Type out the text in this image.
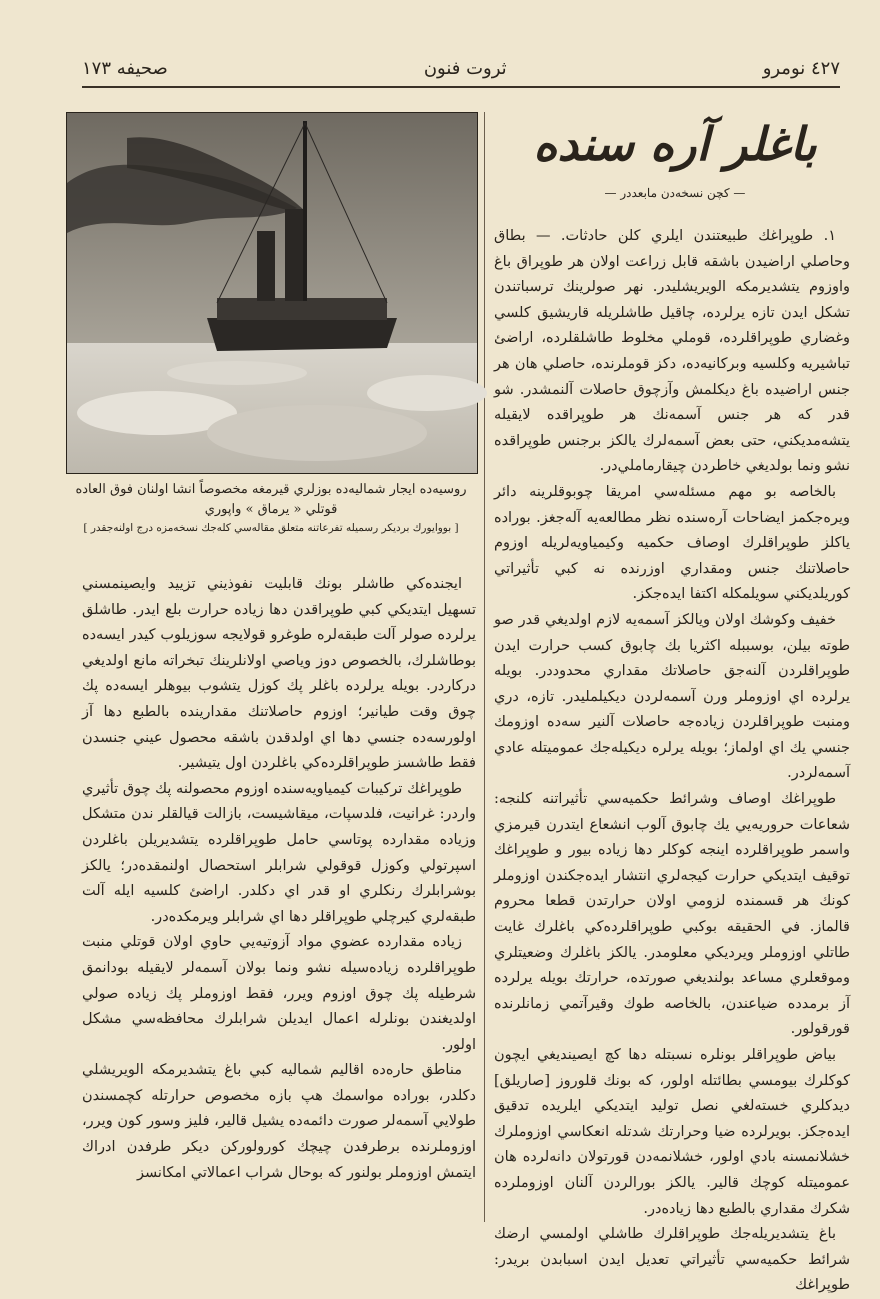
٤٢٧ نومرو
ثروت فنون
صحيفه ١٧٣
روسيه‌ده ايجار شماليه‌ده بوزلري قيرمغه مخصوصاً انشا اولنان فوق العاده قوتلي « يرماق » واپوري
[ بووايورك برديكر رسميله تفرعاتنه متعلق مقاله‌سي كله‌جك نسخه‌مزه درج اولنه‌جقدر ]
باغلر آره سنده
— كچن نسخه‌دن مابعددر —

١. طوپراغك طبيعتندن ايلري كلن حادثات. — بطاق وحاصلي اراضيدن باشقه قابل زراعت اولان هر طوپراق باغ واوزوم يتشديرمكه الويريشليدر. نهر صولرينك ترسباتندن تشكل ايدن تازه يرلرده، چاقيل طاشلريله قاريشيق كلسي وغضاري طوپراقلرده، قوملي مخلوط طاشلقلرده، اراضئ تباشيريه وكلسيه وبركانيه‌ده، دكز قوملرنده، حاصلي هان هر جنس اراضيده باغ ديكلمش وآزچوق حاصلات آلنمشدر. شو قدر كه هر جنس آسمه‌نك هر طوپراقده لايقيله يتشه‌مديكني، حتى بعض آسمه‌لرك يالكز برجنس طوپراقده نشو ونما بولديغي خاطردن چيقارماملي‌در.

بالخاصه بو مهم مسئله‌سي امريقا چوبوقلرينه دائر ويره‌جكمز ايضاحات آره‌سنده نظر مطالعه‌يه آله‌جغز. بوراده ياكلز طوپراقلرك اوصاف حكميه وكيمياويه‌لريله اوزوم حاصلاتنك جنس ومقداري اوزرنده نه كبي تأثيراتي كوريلديكني سويلمكله اكتفا ايده‌جكز.

خفيف وكوشك اولان ويالكز آسمه‌يه لازم اولديغي قدر صو طوته بيلن، بوسببله اكثريا بك چابوق كسب حرارت ايدن طوپراقلردن آلنه‌جق حاصلاتك مقداري محدوددر. بويله يرلرده اي اوزوملر ورن آسمه‌لردن ديكيلمليدر. تازه، دري ومنبت طوپراقلردن زياده‌جه حاصلات آلنير سه‌ده اوزومك جنسي يك اي اولماز؛ بويله يرلره ديكيله‌جك عموميتله عادي آسمه‌لردر.

طوپراغك اوصاف وشرائط حكميه‌سي تأثيراتنه كلنجه: شعاعات حروريه‌يي يك چابوق آلوب انشعاع ايتدرن قيرمزي واسمر طوپراقلرده اينجه كوكلر دها زياده بيور و طوپراغك توقيف ايتديكي حرارت كيجه‌لري انتشار ايده‌جكندن اوزوملر كونك هر قسمنده لزومي اولان حرارتدن قطعا محروم قالماز. في الحقيقه بوكبي طوپراقلرده‌كي باغلرك غايت طاتلي اوزوملر ويرديكي معلومدر. يالكز باغلرك وضعيتلري وموقعلري مساعد بولنديغي صورتده، حرارتك بويله يرلرده آز برمدده ضياعندن، بالخاصه طوك وقيرآتمي زمانلرنده قورقولور.

بياض طوپراقلر بونلره نسبتله دها كچ ايصينديغي ايچون كوكلرك بيومسي بطائتله اولور، كه بونك قلوروز [صاريلق] ديدكلري خسته‌لغي نصل توليد ايتديكي ايلريده تدقيق ايده‌جكز. بويرلرده ضيا وحرارتك شدتله انعكاسي اوزوملرك خشلانمسنه بادي اولور، خشلانمه‌دن قورتولان دانه‌لرده هان عموميتله كوچك قالير. يالكز بورالردن آلنان اوزوملرده شكرك مقداري بالطبع دها زياده‌در.

باغ يتشديريله‌جك طوپراقلرك طاشلي اولمسي ارضك شرائط حكميه‌سي تأثيراتي تعديل ايدن اسبابدن بريدر: طوپراغك

ايجنده‌كي طاشلر بونك قابليت نفوذيني تزييد وايصينمسني تسهيل ايتديكي كبي طوپراقدن دها زياده حرارت بلع ايدر. طاشلق يرلرده صولر آلت طبقه‌لره طوغرو قولايجه سوزيلوب كيدر ايسه‌ده بوطاشلرك، بالخصوص دوز وياصي اولانلرينك تبخراته مانع اولديغي دركاردر. بويله يرلرده باغلر پك كوزل يتشوب بيوهلر ايسه‌ده پك چوق وقت طيانير؛ اوزوم حاصلاتنك مقدارينده بالطبع دها آز اولورسه‌ده جنسي دها اي اولدقدن باشقه محصول عيني جنسدن فقط طاشسز طوپراقلرده‌كي باغلردن اول يتيشير.

طوپراغك تركيبات كيمياويه‌سنده اوزوم محصولنه پك چوق تأثيري واردر: غرانيت، فلدسپات، ميقاشيست، بازالت قيالقلر ندن متشكل وزياده مقدارده پوتاسي حامل طوپراقلرده يتشديريلن باغلردن اسپرتولي وكوزل قوقولي شرابلر استحصال اولنمقده‌در؛ يالكز بوشرابلرك رنكلري او قدر اي دكلدر. اراضئ كلسيه ايله آلت طبقه‌لري كيرچلي طوپراقلر دها اي شرابلر ويرمكده‌در.

زياده مقدارده عضوي مواد آزوتيه‌يي حاوي اولان قوتلي منبت طوپراقلرده زياده‌سيله نشو ونما بولان آسمه‌لر لايقيله بودانمق شرطيله پك چوق اوزوم ويرر، فقط اوزوملر پك زياده صولي اولديغندن بونلرله اعمال ايديلن شرابلرك محافظه‌سي مشكل اولور.

مناطق حاره‌ده اقاليم شماليه كبي باغ يتشديرمكه الويريشلي دكلدر، بوراده مواسمك هپ بازه مخصوص حرارتله كچمسندن طولايي آسمه‌لر صورت دائمه‌ده يشيل قالير، فليز وسور كون ويرر، اوزوملرنده برطرفدن چيچك كورولوركن ديكر طرفدن ادراك ايتمش اوزوملر بولنور كه بوحال شراب اعمالاتي امكانسز
